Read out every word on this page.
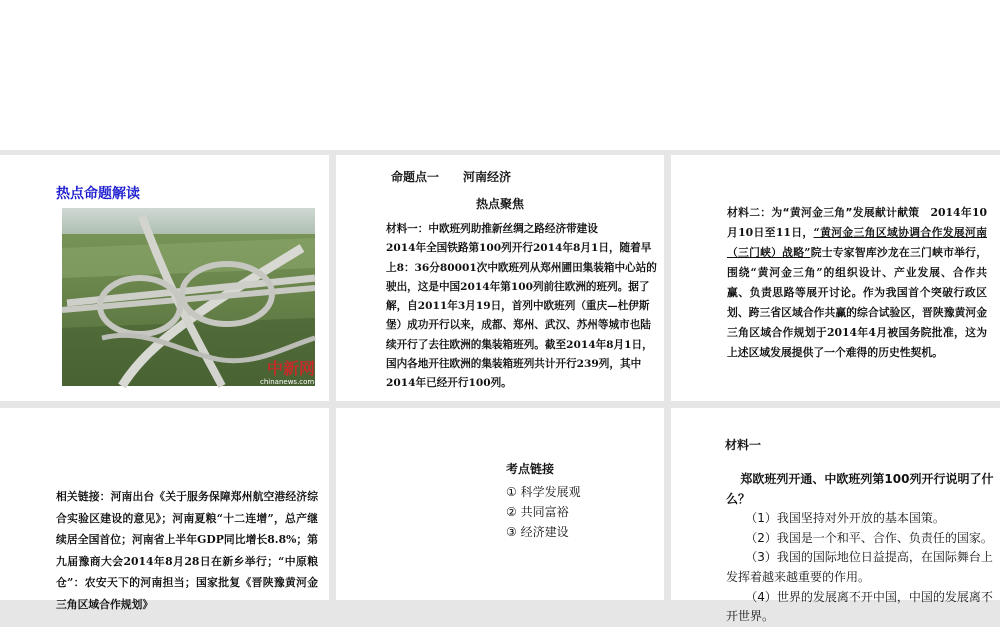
热点命题解读
中新网
chinanews.com
命题点一　　河南经济
热点聚焦
材料一：中欧班列助推新丝绸之路经济带建设
2014年全国铁路第100列开行2014年8月1日，随着早上8：36分80001次中欧班列从郑州圃田集装箱中心站的驶出，这是中国2014年第100列前往欧洲的班列。据了解，自2011年3月19日，首列中欧班列（重庆—杜伊斯堡）成功开行以来，成都、郑州、武汉、苏州等城市也陆续开行了去往欧洲的集装箱班列。截至2014年8月1日，国内各地开往欧洲的集装箱班列共计开行239列，其中2014年已经开行100列。
材料二：为“黄河金三角”发展献计献策　2014年10月10日至11日，“黄河金三角区域协调合作发展河南（三门峡）战略”院士专家智库沙龙在三门峡市举行，围绕“黄河金三角”的组织设计、产业发展、合作共赢、负责思路等展开讨论。作为我国首个突破行政区划、跨三省区域合作共赢的综合试验区，晋陕豫黄河金三角区域合作规划于2014年4月被国务院批准，这为上述区域发展提供了一个难得的历史性契机。
相关链接：河南出台《关于服务保障郑州航空港经济综合实验区建设的意见》；河南夏粮“十二连增”，总产继续居全国首位；河南省上半年GDP同比增长8.8%；第九届豫商大会2014年8月28日在新乡举行；“中原粮仓”：农安天下的河南担当；国家批复《晋陕豫黄河金三角区域合作规划》
考点链接
① 科学发展观
② 共同富裕
③ 经济建设
材料一
郑欧班列开通、中欧班列第100列开行说明了什么？
（1）我国坚持对外开放的基本国策。
（2）我国是一个和平、合作、负责任的国家。
（3）我国的国际地位日益提高，在国际舞台上发挥着越来越重要的作用。
（4）世界的发展离不开中国，中国的发展离不开世界。
